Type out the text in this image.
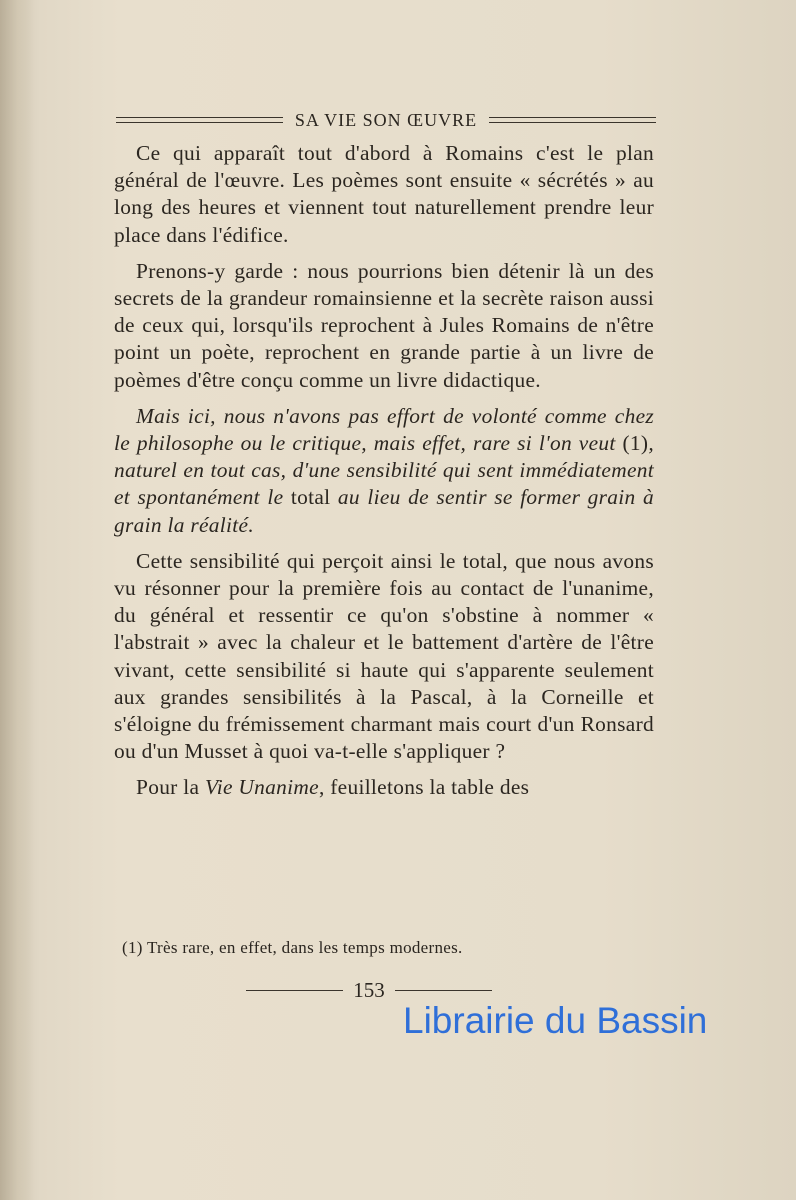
SA VIE SON ŒUVRE

Ce qui apparaît tout d'abord à Romains c'est le plan général de l'œuvre. Les poèmes sont ensuite « sécrétés » au long des heures et viennent tout naturellement prendre leur place dans l'édifice.

Prenons-y garde : nous pourrions bien détenir là un des secrets de la grandeur romainsienne et la secrète raison aussi de ceux qui, lorsqu'ils reprochent à Jules Romains de n'être point un poète, reprochent en grande partie à un livre de poèmes d'être conçu comme un livre didactique.

Mais ici, nous n'avons pas effort de volonté comme chez le philosophe ou le critique, mais effet, rare si l'on veut (1), naturel en tout cas, d'une sensibilité qui sent immédiatement et spontanément le total au lieu de sentir se former grain à grain la réalité.

Cette sensibilité qui perçoit ainsi le total, que nous avons vu résonner pour la première fois au contact de l'unanime, du général et ressentir ce qu'on s'obstine à nommer « l'abstrait » avec la chaleur et le battement d'artère de l'être vivant, cette sensibilité si haute qui s'apparente seulement aux grandes sensibilités à la Pascal, à la Corneille et s'éloigne du frémissement charmant mais court d'un Ronsard ou d'un Musset à quoi va-t-elle s'appliquer ?

Pour la Vie Unanime, feuilletons la table des

(1) Très rare, en effet, dans les temps modernes.
153
Librairie du Bassin
